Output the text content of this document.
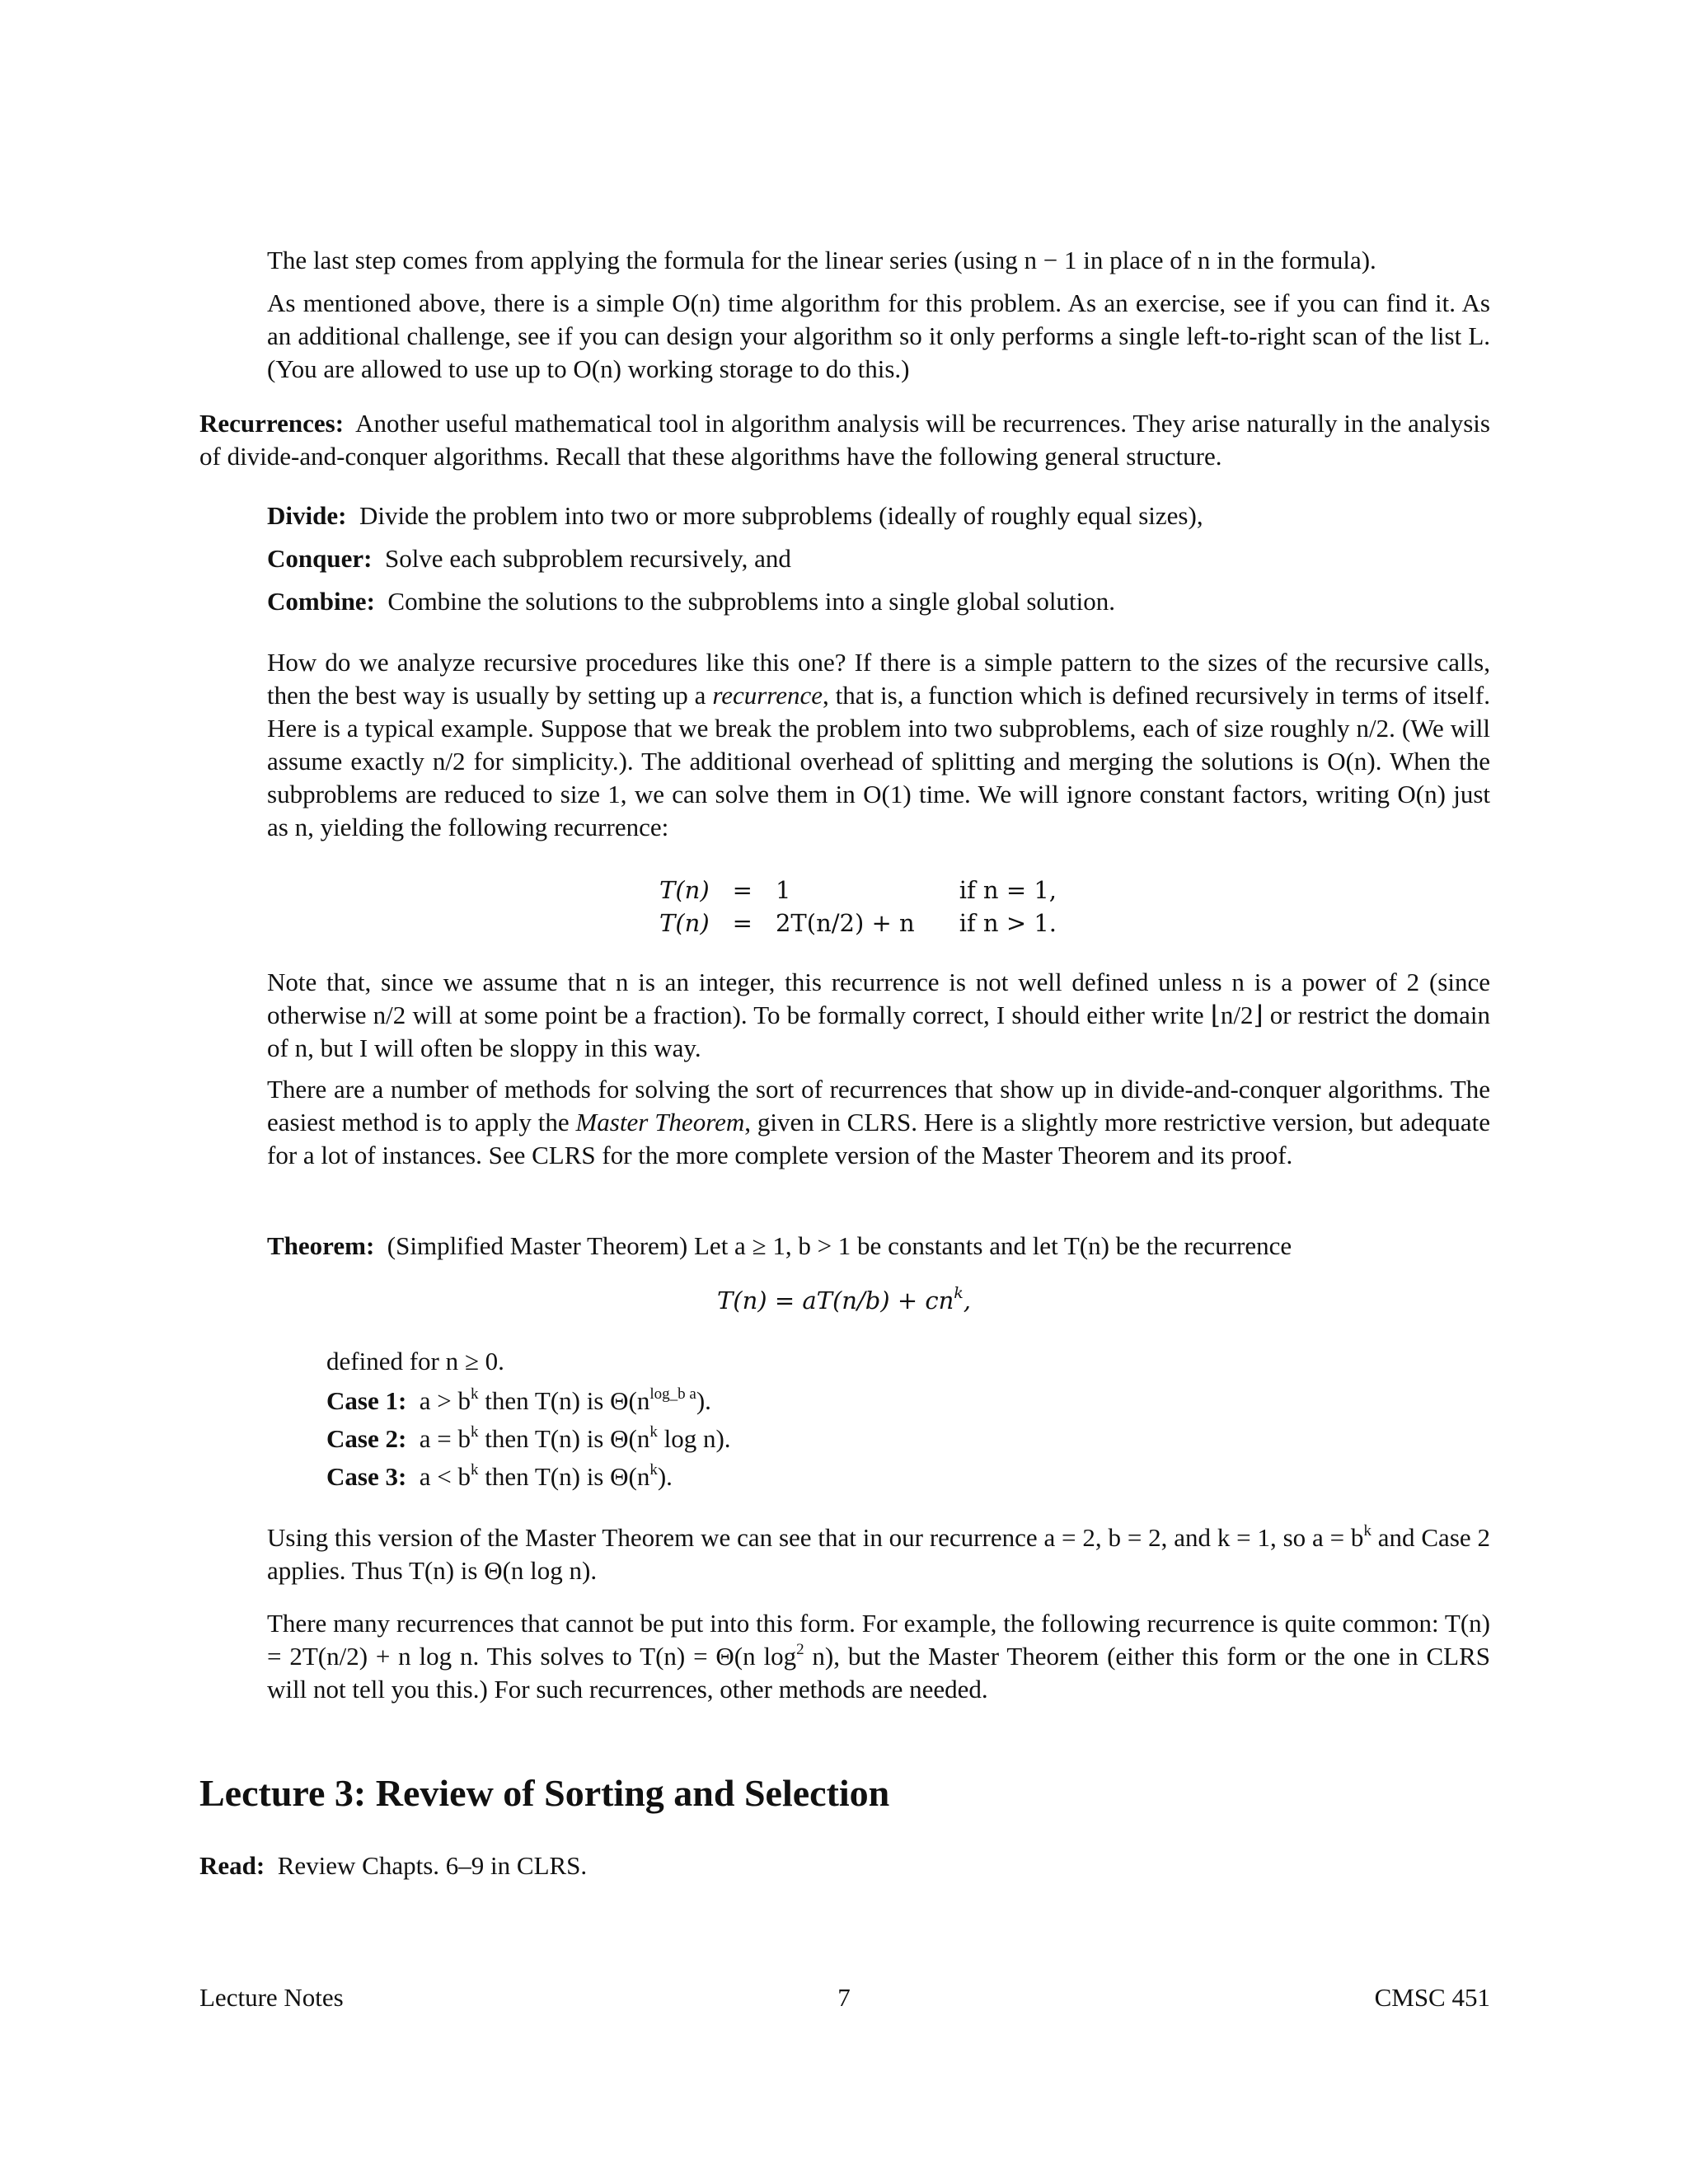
The last step comes from applying the formula for the linear series (using n − 1 in place of n in the formula).
As mentioned above, there is a simple O(n) time algorithm for this problem. As an exercise, see if you can find it. As an additional challenge, see if you can design your algorithm so it only performs a single left-to-right scan of the list L. (You are allowed to use up to O(n) working storage to do this.)
Recurrences: Another useful mathematical tool in algorithm analysis will be recurrences. They arise naturally in the analysis of divide-and-conquer algorithms. Recall that these algorithms have the following general structure.
Divide: Divide the problem into two or more subproblems (ideally of roughly equal sizes),
Conquer: Solve each subproblem recursively, and
Combine: Combine the solutions to the subproblems into a single global solution.
How do we analyze recursive procedures like this one? If there is a simple pattern to the sizes of the recursive calls, then the best way is usually by setting up a recurrence, that is, a function which is defined recursively in terms of itself. Here is a typical example. Suppose that we break the problem into two subproblems, each of size roughly n/2. (We will assume exactly n/2 for simplicity.). The additional overhead of splitting and merging the solutions is O(n). When the subproblems are reduced to size 1, we can solve them in O(1) time. We will ignore constant factors, writing O(n) just as n, yielding the following recurrence:
T(n)	=	1	if n = 1,
T(n)	=	2T(n/2) + n	if n > 1.
Note that, since we assume that n is an integer, this recurrence is not well defined unless n is a power of 2 (since otherwise n/2 will at some point be a fraction). To be formally correct, I should either write ⌊n/2⌋ or restrict the domain of n, but I will often be sloppy in this way.
There are a number of methods for solving the sort of recurrences that show up in divide-and-conquer algorithms. The easiest method is to apply the Master Theorem, given in CLRS. Here is a slightly more restrictive version, but adequate for a lot of instances. See CLRS for the more complete version of the Master Theorem and its proof.
Theorem: (Simplified Master Theorem) Let a ≥ 1, b > 1 be constants and let T(n) be the recurrence
$T(n) = aT(n/b) + cn^k$,
defined for n ≥ 0.
Case 1: $a > b^k$ then T(n) is $\Theta(n^{log\_b a})$.
Case 2: $a = b^k$ then T(n) is $\Theta(n^k$ log n).
Case 3: $a < b^k$ then T(n) is $\Theta(n^k)$.
Using this version of the Master Theorem we can see that in our recurrence a = 2, b = 2, and k = 1, so $a = b^k$ and Case 2 applies. Thus T(n) is Θ(n log n).
There many recurrences that cannot be put into this form. For example, the following recurrence is quite common: T(n) = 2T(n/2) + n log n. This solves to T(n) = Θ(n $\log^2 n$), but the Master Theorem (either this form or the one in CLRS will not tell you this.) For such recurrences, other methods are needed.
Lecture 3: Review of Sorting and Selection
Read: Review Chapts. 6–9 in CLRS.
Lecture Notes	7	CMSC 451
